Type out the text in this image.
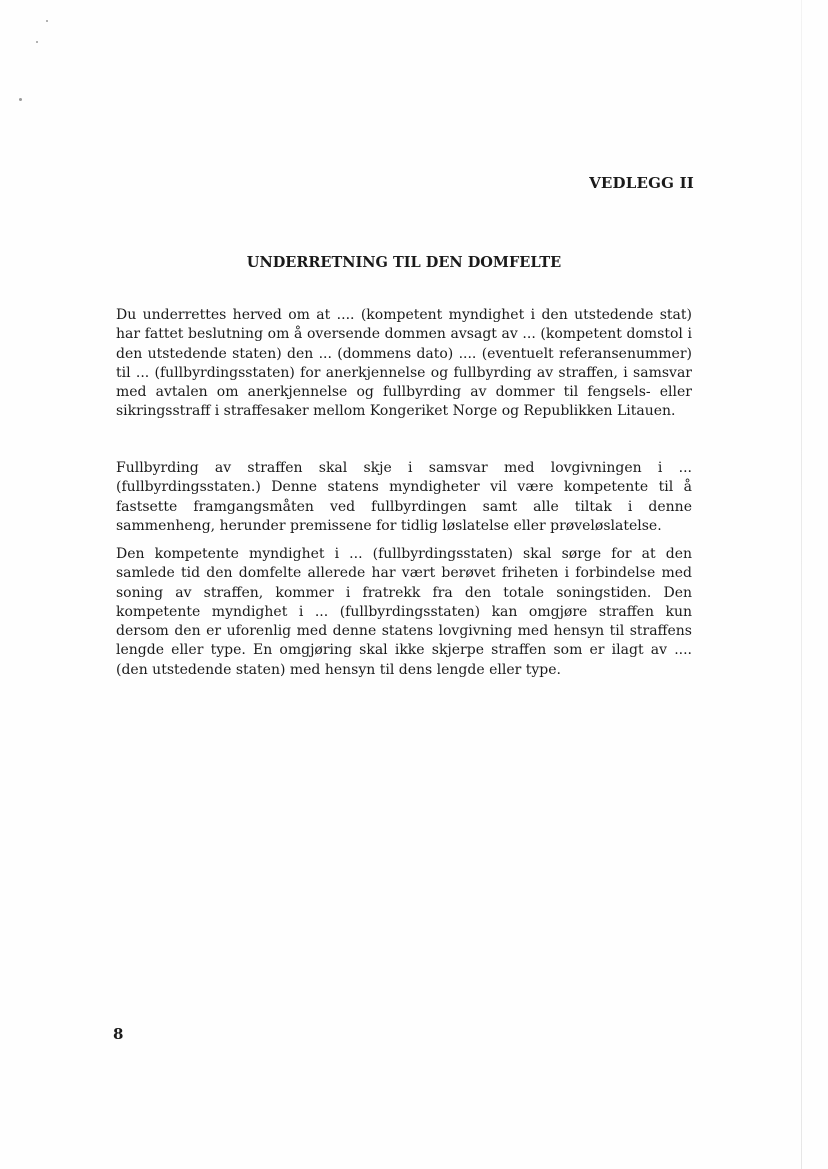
VEDLEGG II
UNDERRETNING TIL DEN DOMFELTE

Du underrettes herved om at .... (kompetent myndighet i den utstedende stat) har fattet beslutning om å oversende dommen avsagt av ... (kompetent domstol i den utstedende staten) den ... (dommens dato) .... (eventuelt referansenummer) til ... (fullbyrdingsstaten) for anerkjennelse og fullbyrding av straffen, i samsvar med avtalen om anerkjennelse og fullbyrding av dommer til fengsels- eller sikringsstraff i straffesaker mellom Kongeriket Norge og Republikken Litauen.

Fullbyrding av straffen skal skje i samsvar med lovgivningen i ... (fullbyrdingsstaten.) Denne statens myndigheter vil være kompetente til å fastsette framgangsmåten ved fullbyrdingen samt alle tiltak i denne sammenheng, herunder premissene for tidlig løslatelse eller prøveløslatelse.

Den kompetente myndighet i ... (fullbyrdingsstaten) skal sørge for at den samlede tid den domfelte allerede har vært berøvet friheten i forbindelse med soning av straffen, kommer i fratrekk fra den totale soningstiden. Den kompetente myndighet i ... (fullbyrdingsstaten) kan omgjøre straffen kun dersom den er uforenlig med denne statens lovgivning med hensyn til straffens lengde eller type. En omgjøring skal ikke skjerpe straffen som er ilagt av .... (den utstedende staten) med hensyn til dens lengde eller type.

8
